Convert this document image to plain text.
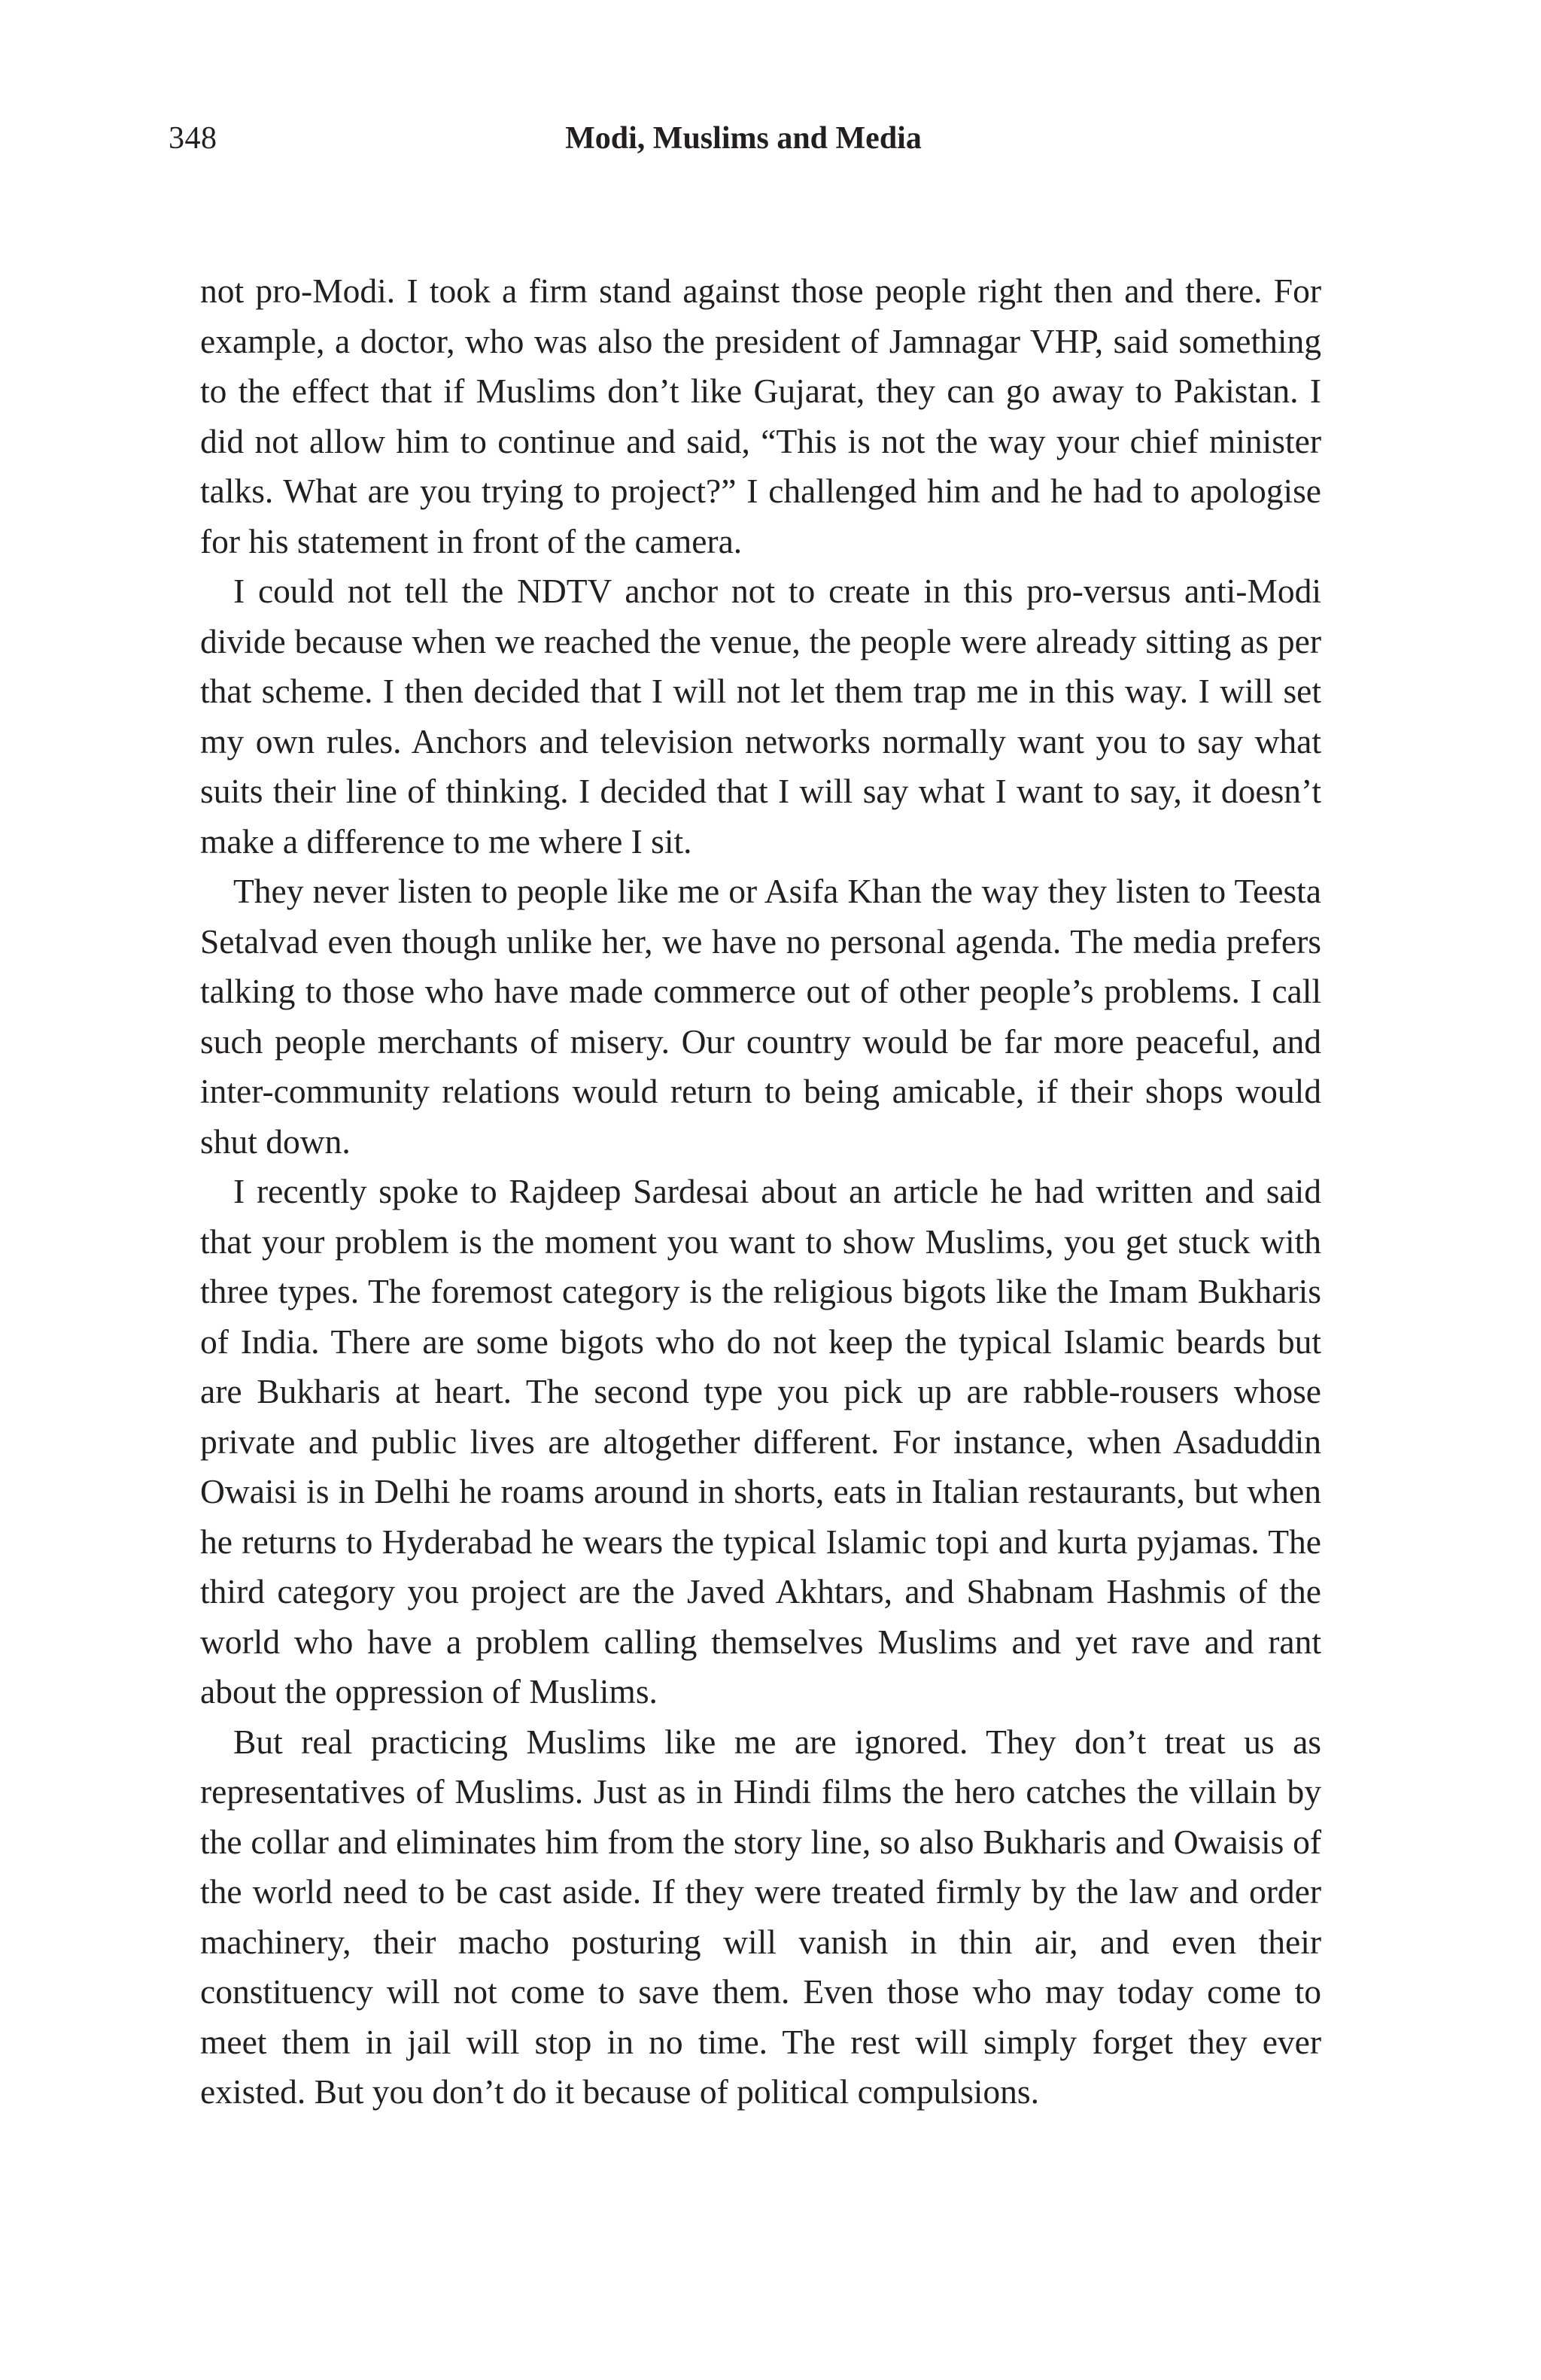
348	Modi, Muslims and Media

not pro-Modi. I took a firm stand against those people right then and there. For example, a doctor, who was also the president of Jamnagar VHP, said something to the effect that if Muslims don’t like Gujarat, they can go away to Pakistan. I did not allow him to continue and said, “This is not the way your chief minister talks. What are you trying to project?” I challenged him and he had to apologise for his statement in front of the camera.

I could not tell the NDTV anchor not to create in this pro-versus anti-Modi divide because when we reached the venue, the people were already sitting as per that scheme. I then decided that I will not let them trap me in this way. I will set my own rules. Anchors and television networks normally want you to say what suits their line of thinking. I decided that I will say what I want to say, it doesn’t make a difference to me where I sit.

They never listen to people like me or Asifa Khan the way they listen to Teesta Setalvad even though unlike her, we have no personal agenda. The media prefers talking to those who have made commerce out of other people’s problems. I call such people merchants of misery. Our country would be far more peaceful, and inter-community relations would return to being amicable, if their shops would shut down.

I recently spoke to Rajdeep Sardesai about an article he had written and said that your problem is the moment you want to show Muslims, you get stuck with three types. The foremost category is the religious bigots like the Imam Bukharis of India. There are some bigots who do not keep the typical Islamic beards but are Bukharis at heart. The second type you pick up are rabble-rousers whose private and public lives are altogether different. For instance, when Asaduddin Owaisi is in Delhi he roams around in shorts, eats in Italian restaurants, but when he returns to Hyderabad he wears the typical Islamic topi and kurta pyjamas. The third category you project are the Javed Akhtars, and Shabnam Hashmis of the world who have a problem calling themselves Muslims and yet rave and rant about the oppression of Muslims.

But real practicing Muslims like me are ignored. They don’t treat us as representatives of Muslims. Just as in Hindi films the hero catches the villain by the collar and eliminates him from the story line, so also Bukharis and Owaisis of the world need to be cast aside. If they were treated firmly by the law and order machinery, their macho posturing will vanish in thin air, and even their constituency will not come to save them. Even those who may today come to meet them in jail will stop in no time. The rest will simply forget they ever existed. But you don’t do it because of political compulsions.
